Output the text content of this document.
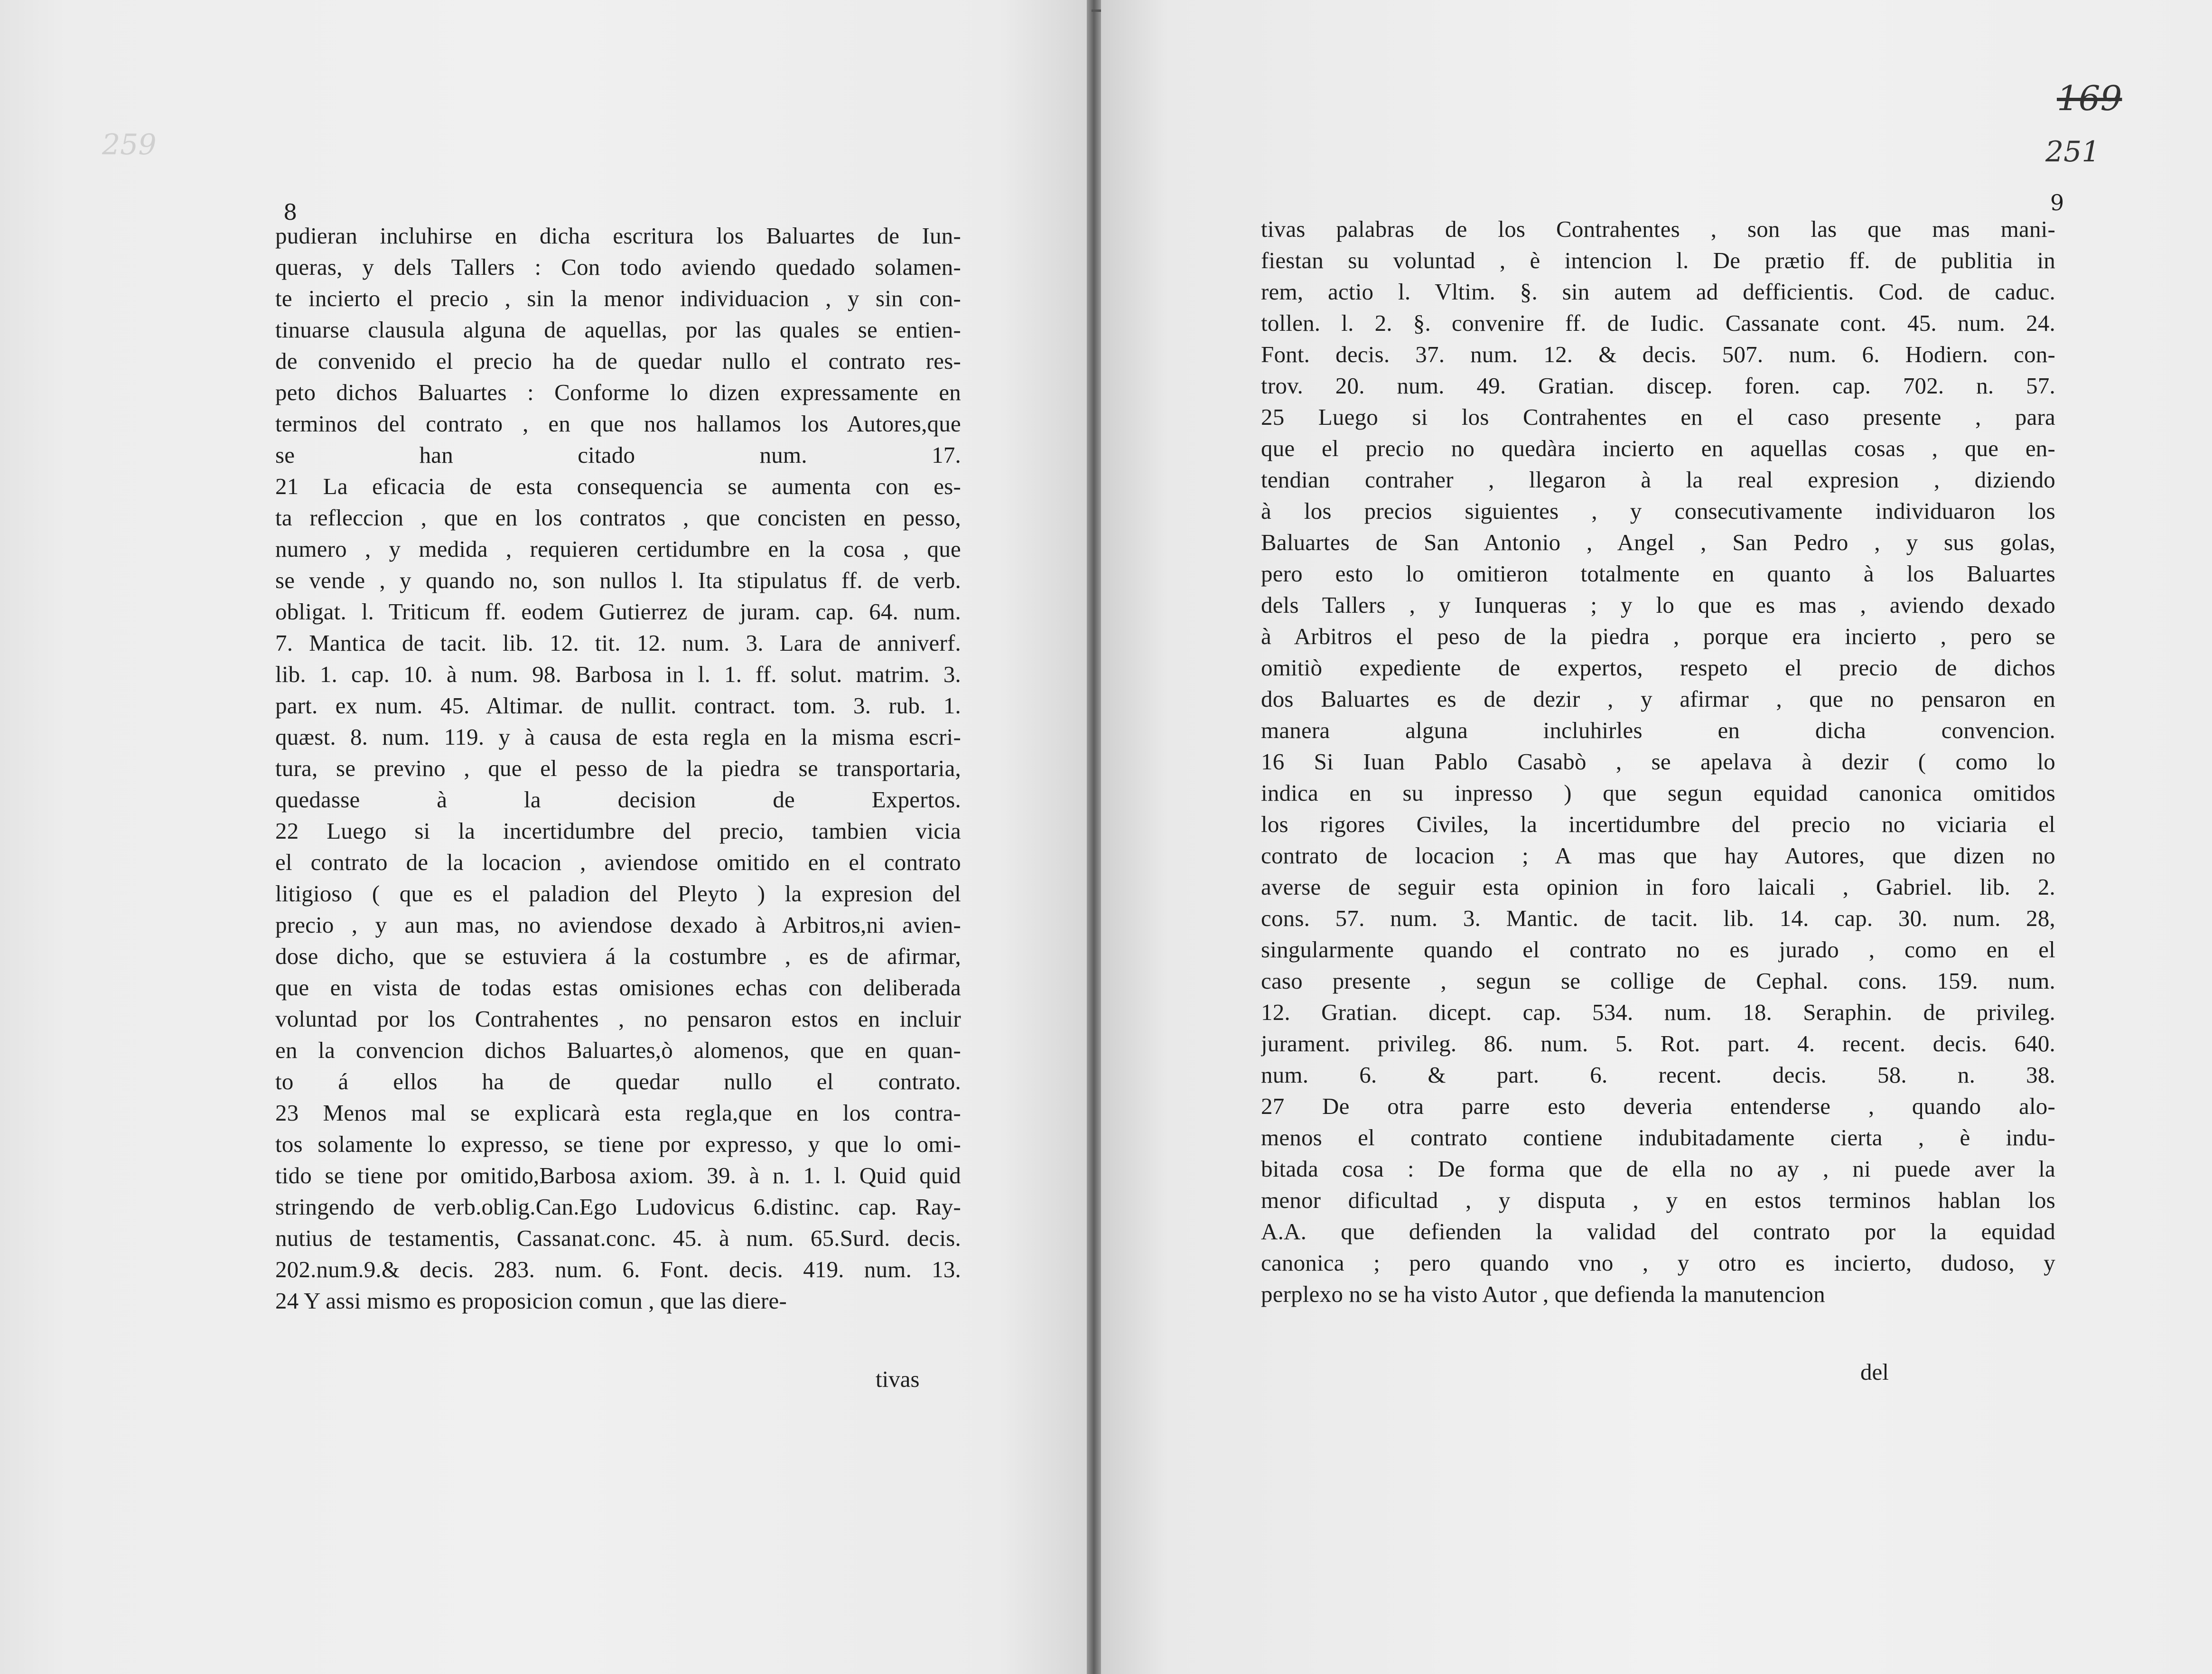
259
8
pudieran incluhirse en dicha escritura los Baluartes de Iun-
queras, y dels Tallers : Con todo aviendo quedado solamen-
te incierto el precio , sin la menor individuacion , y sin con-
tinuarse clausula alguna de aquellas, por las quales se entien-
de convenido el precio ha de quedar nullo el contrato res-
peto dichos Baluartes : Conforme lo dizen expressamente en
terminos del contrato , en que nos hallamos los Autores,que
se han citado num. 17.
21 La eficacia de esta consequencia se aumenta con es-
ta refleccion , que en los contratos , que concisten en pesso,
numero , y medida , requieren certidumbre en la cosa , que
se vende , y quando no, son nullos l. Ita stipulatus ff. de verb.
obligat. l. Triticum ff. eodem Gutierrez de juram. cap. 64. num.
7. Mantica de tacit. lib. 12. tit. 12. num. 3. Lara de anniverf.
lib. 1. cap. 10. à num. 98. Barbosa in l. 1. ff. solut. matrim. 3.
part. ex num. 45. Altimar. de nullit. contract. tom. 3. rub. 1.
quæst. 8. num. 119. y à causa de esta regla en la misma escri-
tura, se previno , que el pesso de la piedra se transportaria,
quedasse à la decision de Expertos.
22 Luego si la incertidumbre del precio, tambien vicia
el contrato de la locacion , aviendose omitido en el contrato
litigioso ( que es el paladion del Pleyto ) la expresion del
precio , y aun mas, no aviendose dexado à Arbitros,ni avien-
dose dicho, que se estuviera á la costumbre , es de afirmar,
que en vista de todas estas omisiones echas con deliberada
voluntad por los Contrahentes , no pensaron estos en incluir
en la convencion dichos Baluartes,ò alomenos, que en quan-
to á ellos ha de quedar nullo el contrato.
23 Menos mal se explicarà esta regla,que en los contra-
tos solamente lo expresso, se tiene por expresso, y que lo omi-
tido se tiene por omitido,Barbosa axiom. 39. à n. 1. l. Quid quid
stringendo de verb.oblig.Can.Ego Ludovicus 6.distinc. cap. Ray-
nutius de testamentis, Cassanat.conc. 45. à num. 65.Surd. decis.
202.num.9.& decis. 283. num. 6. Font. decis. 419. num. 13.
24 Y assi mismo es proposicion comun , que las diere-
tivas
169
251
9
tivas palabras de los Contrahentes , son las que mas mani-
fiestan su voluntad , è intencion l. De prætio ff. de publitia in
rem, actio l. Vltim. §. sin autem ad defficientis. Cod. de caduc.
tollen. l. 2. §. convenire ff. de Iudic. Cassanate cont. 45. num. 24.
Font. decis. 37. num. 12. & decis. 507. num. 6. Hodiern. con-
trov. 20. num. 49. Gratian. discep. foren. cap. 702. n. 57.
25 Luego si los Contrahentes en el caso presente , para
que el precio no quedàra incierto en aquellas cosas , que en-
tendian contraher , llegaron à la real expresion , diziendo
à los precios siguientes , y consecutivamente individuaron los
Baluartes de San Antonio , Angel , San Pedro , y sus golas,
pero esto lo omitieron totalmente en quanto à los Baluartes
dels Tallers , y Iunqueras ; y lo que es mas , aviendo dexado
à Arbitros el peso de la piedra , porque era incierto , pero se
omitiò expediente de expertos, respeto el precio de dichos
dos Baluartes es de dezir , y afirmar , que no pensaron en
manera alguna incluhirles en dicha convencion.
16 Si Iuan Pablo Casabò , se apelava à dezir ( como lo
indica en su inpresso ) que segun equidad canonica omitidos
los rigores Civiles, la incertidumbre del precio no viciaria el
contrato de locacion ; A mas que hay Autores, que dizen no
averse de seguir esta opinion in foro laicali , Gabriel. lib. 2.
cons. 57. num. 3. Mantic. de tacit. lib. 14. cap. 30. num. 28,
singularmente quando el contrato no es jurado , como en el
caso presente , segun se collige de Cephal. cons. 159. num.
12. Gratian. dicept. cap. 534. num. 18. Seraphin. de privileg.
jurament. privileg. 86. num. 5. Rot. part. 4. recent. decis. 640.
num. 6. & part. 6. recent. decis. 58. n. 38.
27 De otra parre esto deveria entenderse , quando alo-
menos el contrato contiene indubitadamente cierta , è indu-
bitada cosa : De forma que de ella no ay , ni puede aver la
menor dificultad , y disputa , y en estos terminos hablan los
A.A. que defienden la validad del contrato por la equidad
canonica ; pero quando vno , y otro es incierto, dudoso, y
perplexo no se ha visto Autor , que defienda la manutencion
del
